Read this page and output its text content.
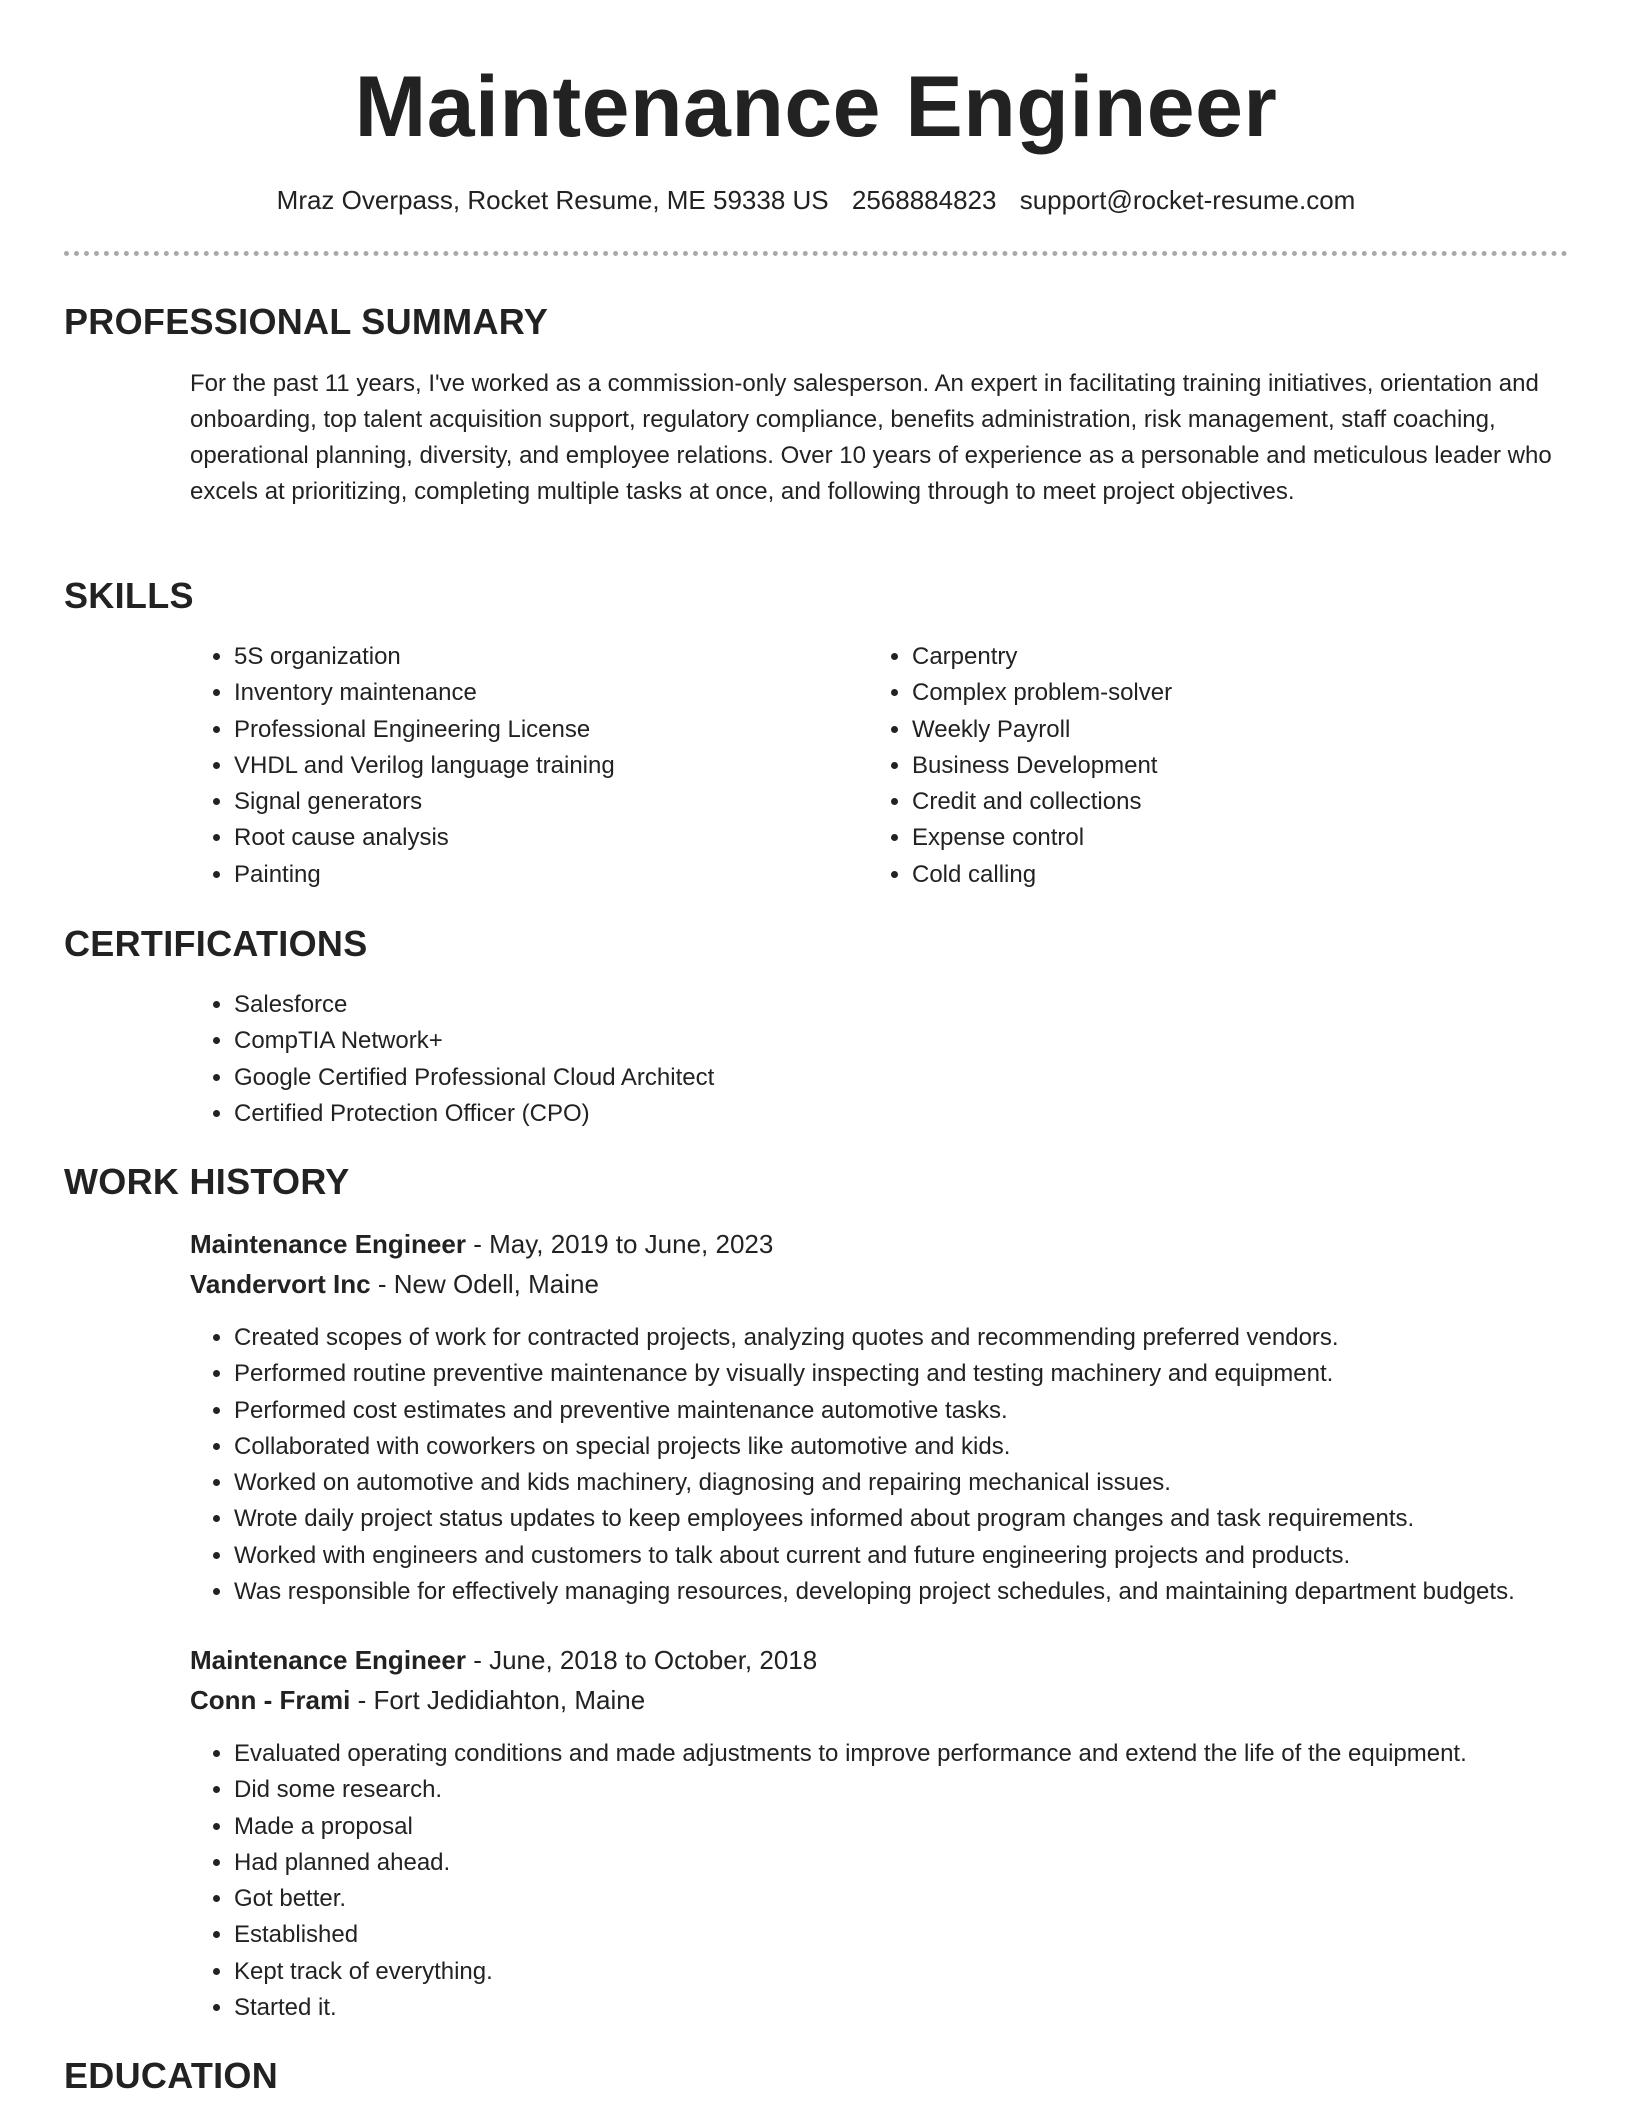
Maintenance Engineer
Mraz Overpass, Rocket Resume, ME 59338 US 2568884823 support@rocket-resume.com
PROFESSIONAL SUMMARY

For the past 11 years, I've worked as a commission-only salesperson. An expert in facilitating training initiatives, orientation and onboarding, top talent acquisition support, regulatory compliance, benefits administration, risk management, staff coaching, operational planning, diversity, and employee relations. Over 10 years of experience as a personable and meticulous leader who excels at prioritizing, completing multiple tasks at once, and following through to meet project objectives.

SKILLS
• 5S organization
• Inventory maintenance
• Professional Engineering License
• VHDL and Verilog language training
• Signal generators
• Root cause analysis
• Painting
• Carpentry
• Complex problem-solver
• Weekly Payroll
• Business Development
• Credit and collections
• Expense control
• Cold calling
CERTIFICATIONS
• Salesforce
• CompTIA Network+
• Google Certified Professional Cloud Architect
• Certified Protection Officer (CPO)
WORK HISTORY
Maintenance Engineer - May, 2019 to June, 2023
Vandervort Inc - New Odell, Maine
• Created scopes of work for contracted projects, analyzing quotes and recommending preferred vendors.
• Performed routine preventive maintenance by visually inspecting and testing machinery and equipment.
• Performed cost estimates and preventive maintenance automotive tasks.
• Collaborated with coworkers on special projects like automotive and kids.
• Worked on automotive and kids machinery, diagnosing and repairing mechanical issues.
• Wrote daily project status updates to keep employees informed about program changes and task requirements.
• Worked with engineers and customers to talk about current and future engineering projects and products.
• Was responsible for effectively managing resources, developing project schedules, and maintaining department budgets.
Maintenance Engineer - June, 2018 to October, 2018
Conn - Frami - Fort Jedidiahton, Maine
• Evaluated operating conditions and made adjustments to improve performance and extend the life of the equipment.
• Did some research.
• Made a proposal
• Had planned ahead.
• Got better.
• Established
• Kept track of everything.
• Started it.
EDUCATION
